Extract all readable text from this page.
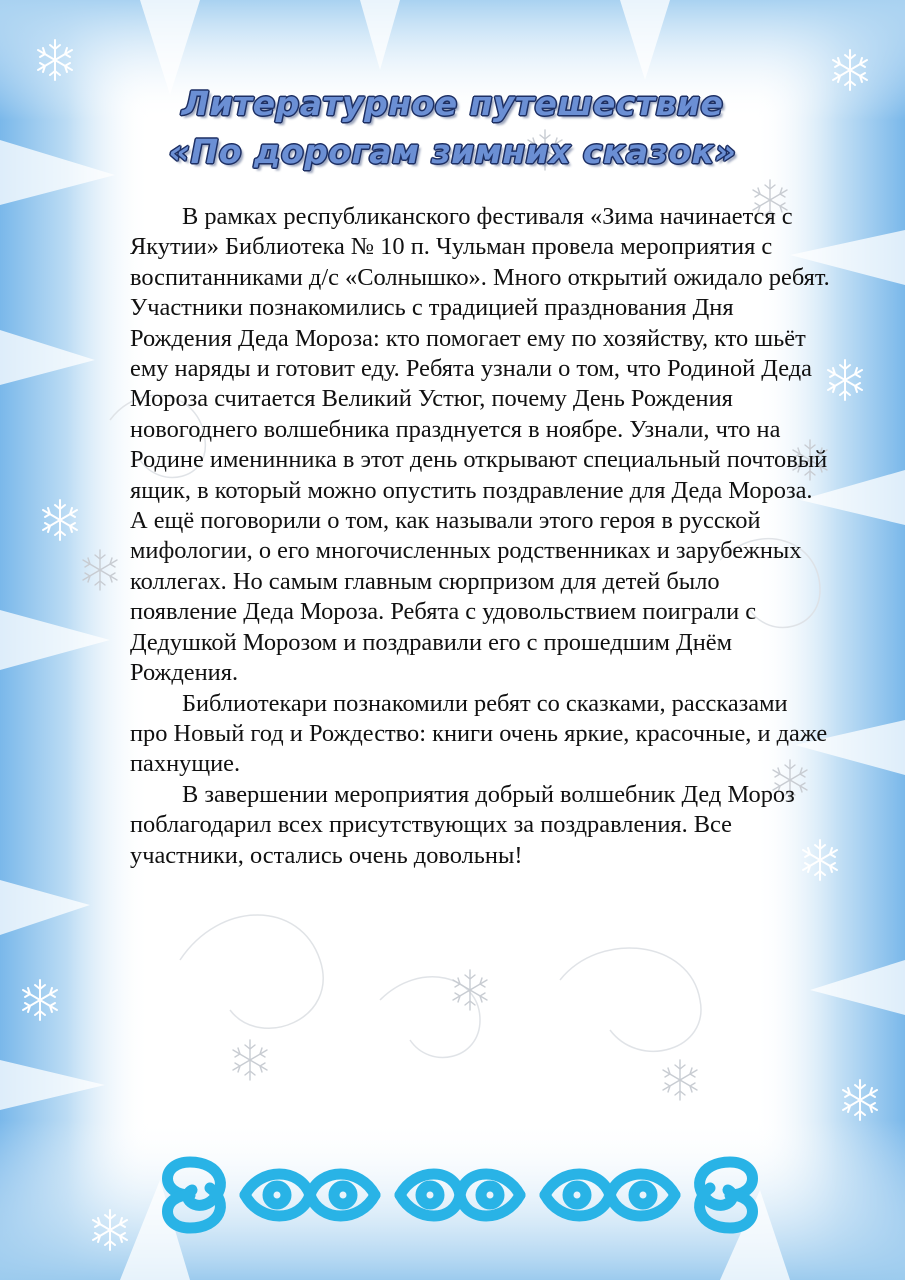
Литературное путешествие
«По дорогам зимних сказок»

В рамках республиканского фестиваля «Зима начинается с Якутии» Библиотека № 10 п. Чульман провела мероприятия с воспитанниками д/с «Солнышко». Много открытий ожидало ребят. Участники познакомились с традицией празднования Дня Рождения Деда Мороза: кто помогает ему по хозяйству, кто шьёт ему наряды и готовит еду. Ребята узнали о том, что Родиной Деда Мороза считается Великий Устюг, почему День Рождения новогоднего волшебника празднуется в ноябре. Узнали, что на Родине именинника в этот день открывают специальный почтовый ящик, в который можно опустить поздравление для Деда Мороза. А ещё поговорили о том, как называли этого героя в русской мифологии, о его многочисленных родственниках и зарубежных коллегах. Но самым главным сюрпризом для детей было появление Деда Мороза. Ребята с удовольствием поиграли с Дедушкой Морозом и поздравили его с прошедшим Днём Рождения.

Библиотекари познакомили ребят со сказками, рассказами про Новый год и Рождество: книги очень яркие, красочные, и даже пахнущие.

В завершении мероприятия добрый волшебник Дед Мороз поблагодарил всех присутствующих за поздравления. Все участники, остались очень довольны!
